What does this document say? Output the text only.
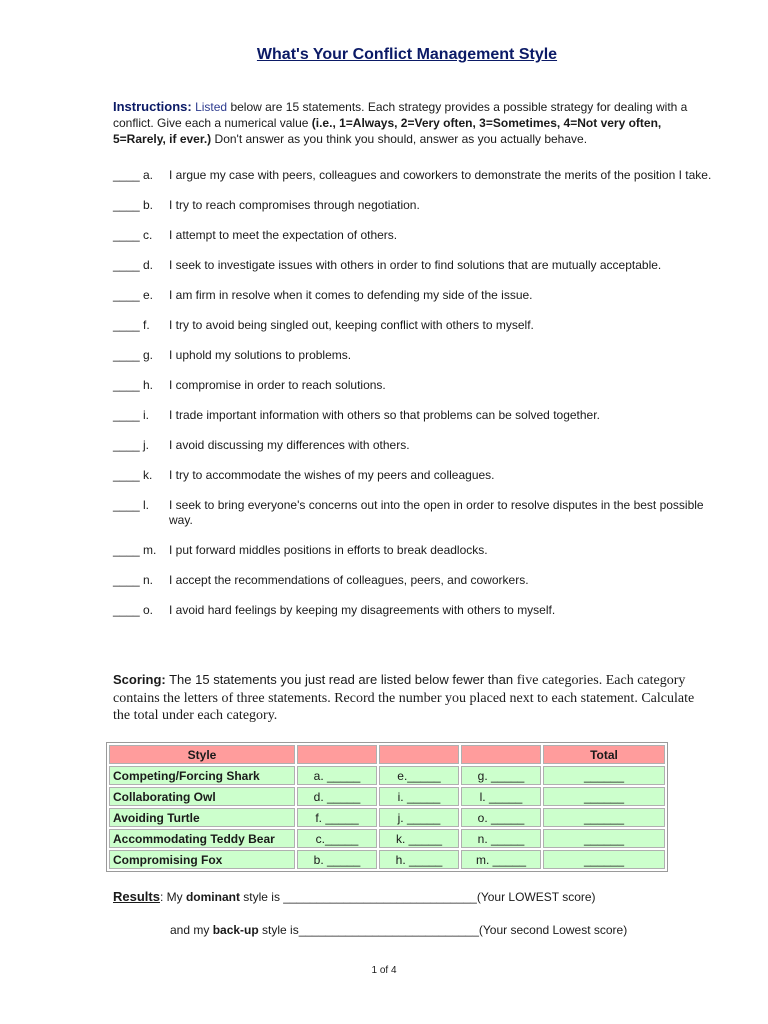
What's Your Conflict Management Style
Instructions: Listed below are 15 statements. Each strategy provides a possible strategy for dealing with a conflict. Give each a numerical value (i.e., 1=Always, 2=Very often, 3=Sometimes, 4=Not very often, 5=Rarely, if ever.) Don't answer as you think you should, answer as you actually behave.
____ a.	I argue my case with peers, colleagues and coworkers to demonstrate the merits of the position I take.
____ b.	I try to reach compromises through negotiation.
____ c.	I attempt to meet the expectation of others.
____ d.	I seek to investigate issues with others in order to find solutions that are mutually acceptable.
____ e.	I am firm in resolve when it comes to defending my side of the issue.
____ f.	I try to avoid being singled out, keeping conflict with others to myself.
____ g.	I uphold my solutions to problems.
____ h.	I compromise in order to reach solutions.
____ i.	I trade important information with others so that problems can be solved together.
____ j.	I avoid discussing my differences with others.
____ k.	I try to accommodate the wishes of my peers and colleagues.
____ l.	I seek to bring everyone's concerns out into the open in order to resolve disputes in the best possible way.
____ m.	I put forward middles positions in efforts to break deadlocks.
____ n.	I accept the recommendations of colleagues, peers, and coworkers.
____ o.	I avoid hard feelings by keeping my disagreements with others to myself.
Scoring: The 15 statements you just read are listed below fewer than five categories. Each category contains the letters of three statements. Record the number you placed next to each statement. Calculate the total under each category.
Style				Total
Competing/Forcing Shark	a. _____	e._____	g. _____	______
Collaborating Owl	d. _____	i. _____	l. _____	______
Avoiding Turtle	f. _____	j. _____	o. _____	______
Accommodating Teddy Bear	c._____	k. _____	n. _____	______
Compromising Fox	b. _____	h. _____	m. _____	______
Results: My dominant style is _____________________________(Your LOWEST score)
and my back-up style is___________________________(Your second Lowest score)
1 of 4
